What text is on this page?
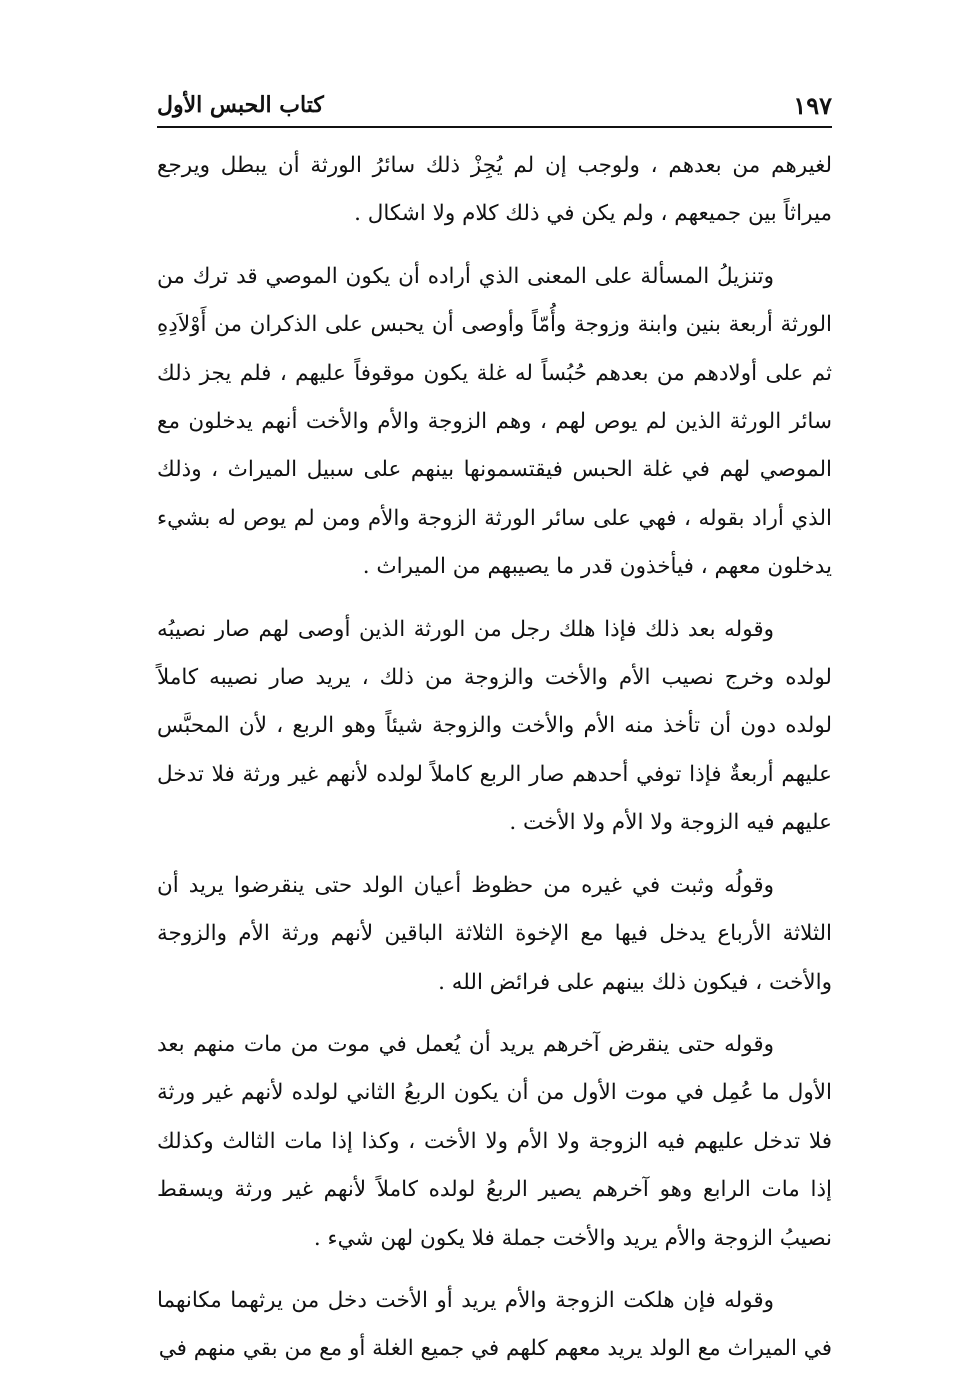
كتاب الحبس الأول	١٩٧

لغيرهم من بعدهم ، ولوجب إن لم يُجِزْ ذلك سائرُ الورثة أن يبطل ويرجع ميراثاً بين جميعهم ، ولم يكن في ذلك كلام ولا اشكال .

وتنزيلُ المسألة على المعنى الذي أراده أن يكون الموصي قد ترك من الورثة أربعة بنين وابنة وزوجة وأُمّاً وأوصى أن يحبس على الذكران من أَوْلاَدِهِ ثم على أولادهم من بعدهم حُبُساً له غلة يكون موقوفاً عليهم ، فلم يجز ذلك سائر الورثة الذين لم يوص لهم ، وهم الزوجة والأم والأخت أنهم يدخلون مع الموصي لهم في غلة الحبس فيقتسمونها بينهم على سبيل الميراث ، وذلك الذي أراد بقوله ، فهي على سائر الورثة الزوجة والأم ومن لم يوص له بشيء يدخلون معهم ، فيأخذون قدر ما يصيبهم من الميراث .

وقوله بعد ذلك فإذا هلك رجل من الورثة الذين أوصى لهم صار نصيبُه لولده وخرج نصيب الأم والأخت والزوجة من ذلك ، يريد صار نصيبه كاملاً لولده دون أن تأخذ منه الأم والأخت والزوجة شيئاً وهو الربع ، لأن المحبَّس عليهم أربعةٌ فإذا توفي أحدهم صار الربع كاملاً لولده لأنهم غير ورثة فلا تدخل عليهم فيه الزوجة ولا الأم ولا الأخت .

وقولُه وثبت في غيره من حظوظ أعيان الولد حتى ينقرضوا يريد أن الثلاثة الأرباع يدخل فيها مع الإخوة الثلاثة الباقين لأنهم ورثة الأم والزوجة والأخت ، فيكون ذلك بينهم على فرائض الله .

وقوله حتى ينقرض آخرهم يريد أن يُعمل في موت من مات منهم بعد الأول ما عُمِل في موت الأول من أن يكون الربعُ الثاني لولده لأنهم غير ورثة فلا تدخل عليهم فيه الزوجة ولا الأم ولا الأخت ، وكذا إذا مات الثالث وكذلك إذا مات الرابع وهو آخرهم يصير الربعُ لولده كاملاً لأنهم غير ورثة ويسقط نصيبُ الزوجة والأم يريد والأخت جملة فلا يكون لهن شيء .

وقوله فإن هلكت الزوجة والأم يريد أو الأخت دخل من يرثهما مكانهما في الميراث مع الولد يريد معهم كلهم في جميع الغلة أو مع من بقي منهم في
